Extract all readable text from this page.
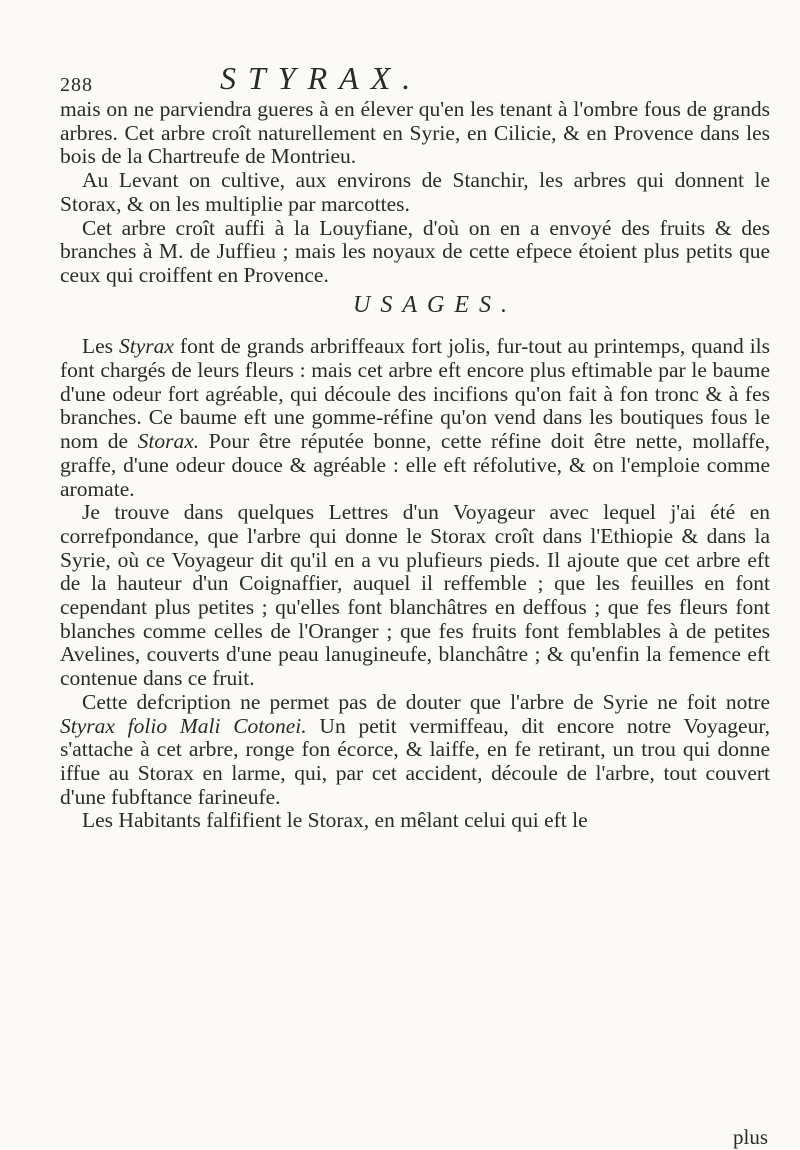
288	STYRAX.

mais on ne parviendra gueres à en élever qu'en les tenant à l'ombre fous de grands arbres. Cet arbre croît naturellement en Syrie, en Cilicie, & en Provence dans les bois de la Chartreufe de Montrieu.

Au Levant on cultive, aux environs de Stanchir, les arbres qui donnent le Storax, & on les multiplie par marcottes.

Cet arbre croît auffi à la Louyfiane, d'où on en a envoyé des fruits & des branches à M. de Juffieu ; mais les noyaux de cette efpece étoient plus petits que ceux qui croiffent en Provence.

USAGES.

Les Styrax font de grands arbriffeaux fort jolis, fur-tout au printemps, quand ils font chargés de leurs fleurs : mais cet arbre eft encore plus eftimable par le baume d'une odeur fort agréable, qui découle des incifions qu'on fait à fon tronc & à fes branches. Ce baume eft une gomme-réfine qu'on vend dans les boutiques fous le nom de Storax. Pour être réputée bonne, cette réfine doit être nette, mollaffe, graffe, d'une odeur douce & agréable : elle eft réfolutive, & on l'emploie comme aromate.

Je trouve dans quelques Lettres d'un Voyageur avec lequel j'ai été en correfpondance, que l'arbre qui donne le Storax croît dans l'Ethiopie & dans la Syrie, où ce Voyageur dit qu'il en a vu plufieurs pieds. Il ajoute que cet arbre eft de la hauteur d'un Coignaffier, auquel il reffemble ; que les feuilles en font cependant plus petites ; qu'elles font blanchâtres en deffous ; que fes fleurs font blanches comme celles de l'Oranger ; que fes fruits font femblables à de petites Avelines, couverts d'une peau lanugineufe, blanchâtre ; & qu'enfin la femence eft contenue dans ce fruit.

Cette defcription ne permet pas de douter que l'arbre de Syrie ne foit notre Styrax folio Mali Cotonei. Un petit vermiffeau, dit encore notre Voyageur, s'attache à cet arbre, ronge fon écorce, & laiffe, en fe retirant, un trou qui donne iffue au Storax en larme, qui, par cet accident, découle de l'arbre, tout couvert d'une fubftance farineufe.

Les Habitants falfifient le Storax, en mêlant celui qui eft le

plus
